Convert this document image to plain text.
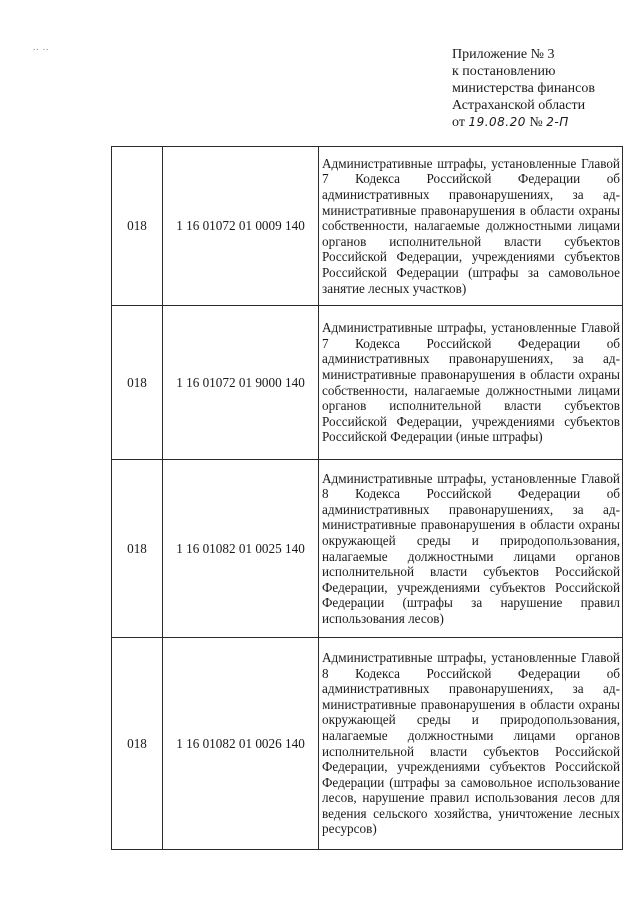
.. ..	Приложение № 3
к постановлению
министерства финансов
Астраханской области
от 19.08.20 № 2-П
018	1 16 01072 01 0009 140	Административные штрафы, установленные Главой 7 Кодекса Российской Федерации об административных правонарушениях, за административные правонарушения в области охраны собственности, налагаемые должностными лицами органов исполнительной власти субъектов Российской Федерации, учреждениями субъектов Российской Федерации (штрафы за самовольное занятие лесных участков)
018	1 16 01072 01 9000 140	Административные штрафы, установленные Главой 7 Кодекса Российской Федерации об административных правонарушениях, за административные правонарушения в области охраны собственности, налагаемые должностными лицами органов исполнительной власти субъектов Российской Федерации, учреждениями субъектов Российской Федерации (иные штрафы)
018	1 16 01082 01 0025 140	Административные штрафы, установленные Главой 8 Кодекса Российской Федерации об административных правонарушениях, за административные правонарушения в области охраны окружающей среды и природопользования, налагаемые должностными лицами органов исполнительной власти субъектов Российской Федерации, учреждениями субъектов Российской Федерации (штрафы за нарушение правил использования лесов)
018	1 16 01082 01 0026 140	Административные штрафы, установленные Главой 8 Кодекса Российской Федерации об административных правонарушениях, за административные правонарушения в области охраны окружающей среды и природопользования, налагаемые должностными лицами органов исполнительной власти субъектов Российской Федерации, учреждениями субъектов Российской Федерации (штрафы за самовольное использование лесов, нарушение правил использования лесов для ведения сельского хозяйства, уничтожение лесных ресурсов)
